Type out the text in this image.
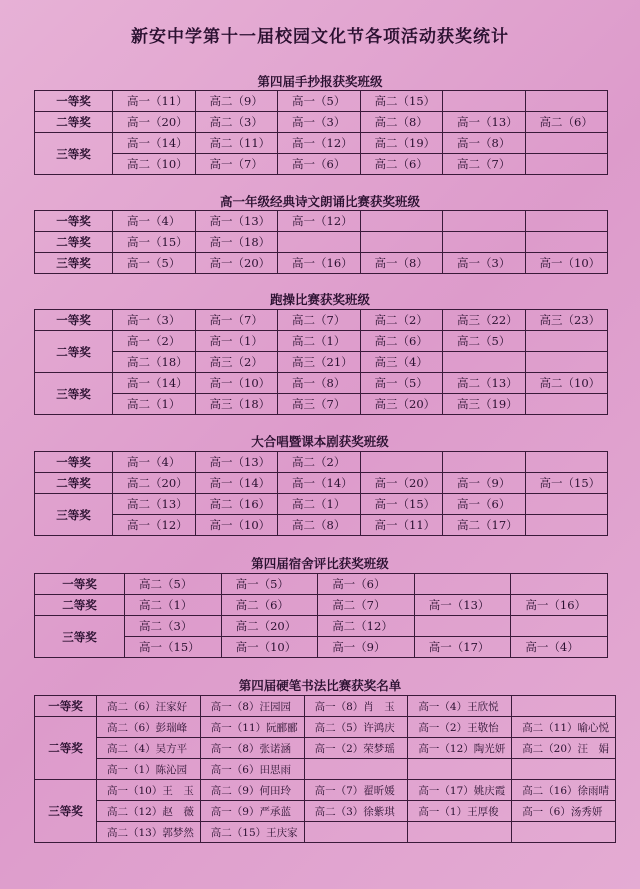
新安中学第十一届校园文化节各项活动获奖统计
第四届手抄报获奖班级
一等奖	高一（11）	高二（9）	高一（5）	高二（15）		
二等奖	高一（20）	高二（3）	高一（3）	高二（8）	高一（13）	高二（6）
三等奖	高一（14）	高二（11）	高一（12）	高二（19）	高一（8）	
	高二（10）	高一（7）	高一（6）	高二（6）	高二（7）	
高一年级经典诗文朗诵比赛获奖班级
一等奖	高一（4）	高一（13）	高一（12）			
二等奖	高一（15）	高一（18）				
三等奖	高一（5）	高一（20）	高一（16）	高一（8）	高一（3）	高一（10）
跑操比赛获奖班级
一等奖	高一（3）	高一（7）	高二（7）	高二（2）	高三（22）	高三（23）
二等奖	高一（2）	高一（1）	高二（1）	高二（6）	高二（5）	
	高二（18）	高三（2）	高三（21）	高三（4）		
三等奖	高一（14）	高一（10）	高一（8）	高一（5）	高二（13）	高二（10）
	高二（1）	高三（18）	高三（7）	高三（20）	高三（19）	
大合唱暨课本剧获奖班级
一等奖	高一（4）	高一（13）	高二（2）			
二等奖	高二（20）	高一（14）	高一（14）	高一（20）	高一（9）	高一（15）
三等奖	高二（13）	高二（16）	高二（1）	高一（15）	高一（6）	
	高一（12）	高一（10）	高二（8）	高一（11）	高二（17）	
第四届宿舍评比获奖班级
一等奖	高二（5）	高一（5）	高一（6）		
二等奖	高二（1）	高二（6）	高二（7）	高一（13）	高一（16）
三等奖	高二（3）	高二（20）	高二（12）		
	高一（15）	高一（10）	高一（9）	高一（17）	高一（4）
第四届硬笔书法比赛获奖名单
一等奖	高二（6）汪家好	高一（8）汪园园	高一（8）肖　玉	高一（4）王欣悦	
二等奖	高二（6）彭瑞峰	高一（11）阮郦郦	高二（5）许鸿庆	高一（2）王敬怡	高二（11）喻心悦
	高二（4）吴方平	高一（8）张诺涵	高一（2）荣梦瑶	高一（12）陶光妍	高二（20）汪　娟
	高一（1）陈沁园	高一（6）田思雨			
三等奖	高一（10）王　玉	高二（9）何田玲	高一（7）翟昕媛	高一（17）姚庆霞	高二（16）徐雨晴
	高二（12）赵　薇	高一（9）严承蓝	高二（3）徐紫琪	高一（1）王厚俊	高一（6）汤秀妍
	高二（13）郭梦然	高二（15）王庆家			
